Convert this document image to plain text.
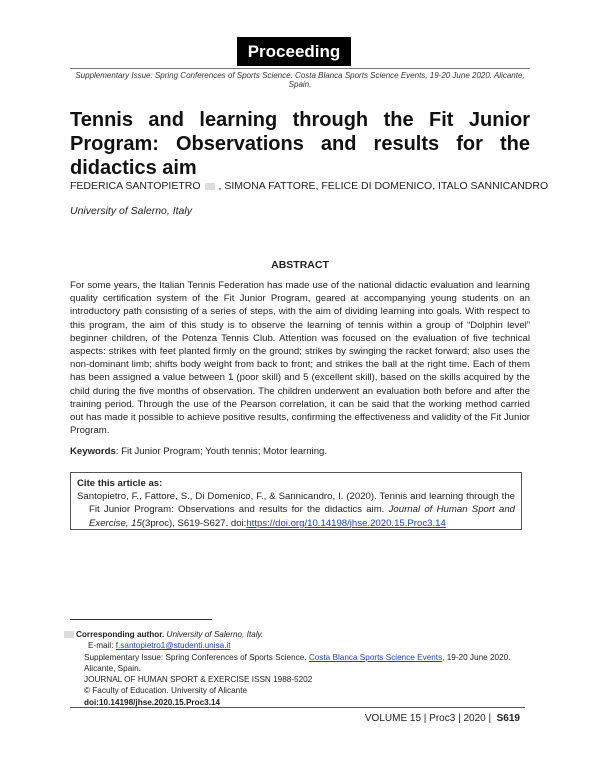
Proceeding
Supplementary Issue: Spring Conferences of Sports Science. Costa Blanca Sports Science Events, 19-20 June 2020. Alicante, Spain.
Tennis and learning through the Fit Junior Program: Observations and results for the didactics aim
FEDERICA SANTOPIETRO , SIMONA FATTORE, FELICE DI DOMENICO, ITALO SANNICANDRO
University of Salerno, Italy
ABSTRACT
For some years, the Italian Tennis Federation has made use of the national didactic evaluation and learning quality certification system of the Fit Junior Program, geared at accompanying young students on an introductory path consisting of a series of steps, with the aim of dividing learning into goals. With respect to this program, the aim of this study is to observe the learning of tennis within a group of “Dolphin level” beginner children, of the Potenza Tennis Club. Attention was focused on the evaluation of five technical aspects: strikes with feet planted firmly on the ground; strikes by swinging the racket forward; also uses the non-dominant limb; shifts body weight from back to front; and strikes the ball at the right time. Each of them has been assigned a value between 1 (poor skill) and 5 (excellent skill), based on the skills acquired by the child during the five months of observation. The children underwent an evaluation both before and after the training period. Through the use of the Pearson correlation, it can be said that the working method carried out has made it possible to achieve positive results, confirming the effectiveness and validity of the Fit Junior Program.
Keywords: Fit Junior Program; Youth tennis; Motor learning.
Cite this article as:
Santopietro, F., Fattore, S., Di Domenico, F., & Sannicandro, I. (2020). Tennis and learning through the Fit Junior Program: Observations and results for the didactics aim. Journal of Human Sport and Exercise, 15(3proc), S619-S627. doi:https://doi.org/10.14198/jhse.2020.15.Proc3.14
Corresponding author. University of Salerno, Italy.
E-mail: f.santopietro1@studenti.unisa.it
Supplementary Issue: Spring Conferences of Sports Science. Costa Blanca Sports Science Events, 19-20 June 2020. Alicante, Spain.
JOURNAL OF HUMAN SPORT & EXERCISE ISSN 1988-5202
© Faculty of Education. University of Alicante
doi:10.14198/jhse.2020.15.Proc3.14
VOLUME 15 | Proc3 | 2020 | S619
